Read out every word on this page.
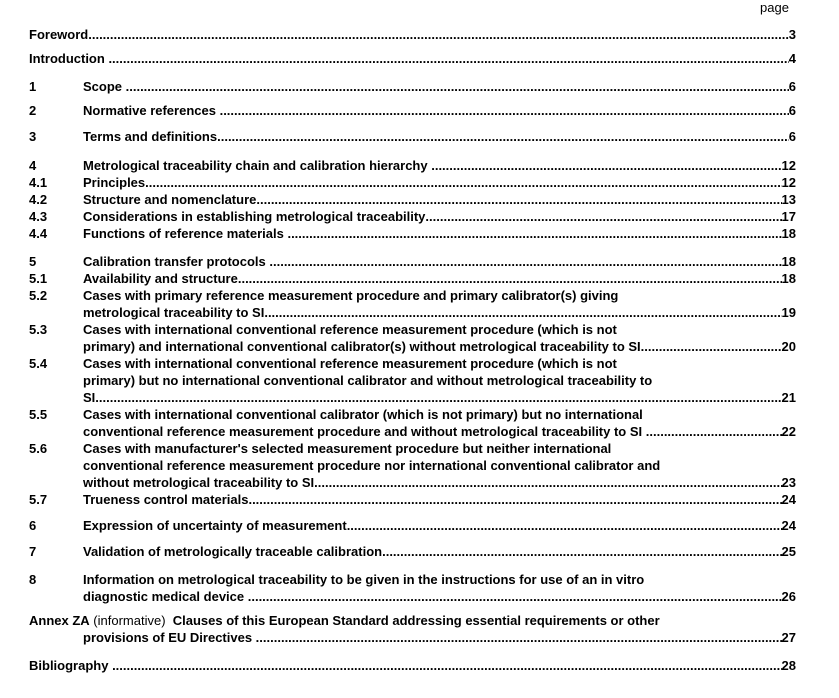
page
Foreword .....	3
Introduction .....	4
1	Scope .....	6
2	Normative references .....	6
3	Terms and definitions .....	6
4	Metrological traceability chain and calibration hierarchy .....	12
4.1	Principles .....	12
4.2	Structure and nomenclature .....	13
4.3	Considerations in establishing metrological traceability .....	17
4.4	Functions of reference materials .....	18
5	Calibration transfer protocols .....	18
5.1	Availability and structure .....	18
5.2	Cases with primary reference measurement procedure and primary calibrator(s) giving
metrological traceability to SI .....	19
5.3	Cases with international conventional reference measurement procedure (which is not
primary) and international conventional calibrator(s) without metrological traceability to SI .....	20
5.4	Cases with international conventional reference measurement procedure (which is not
primary) but no international conventional calibrator and without metrological traceability to
SI .....	21
5.5	Cases with international conventional calibrator (which is not primary) but no international
conventional reference measurement procedure and without metrological traceability to SI .....	22
5.6	Cases with manufacturer's selected measurement procedure but neither international
conventional reference measurement procedure nor international conventional calibrator and
without metrological traceability to SI .....	23
5.7	Trueness control materials .....	24
6	Expression of uncertainty of measurement .....	24
7	Validation of metrologically traceable calibration .....	25
8	Information on metrological traceability to be given in the instructions for use of an in vitro
diagnostic medical device .....	26
Annex ZA (informative) Clauses of this European Standard addressing essential requirements or other
provisions of EU Directives .....	27
Bibliography .....	28
